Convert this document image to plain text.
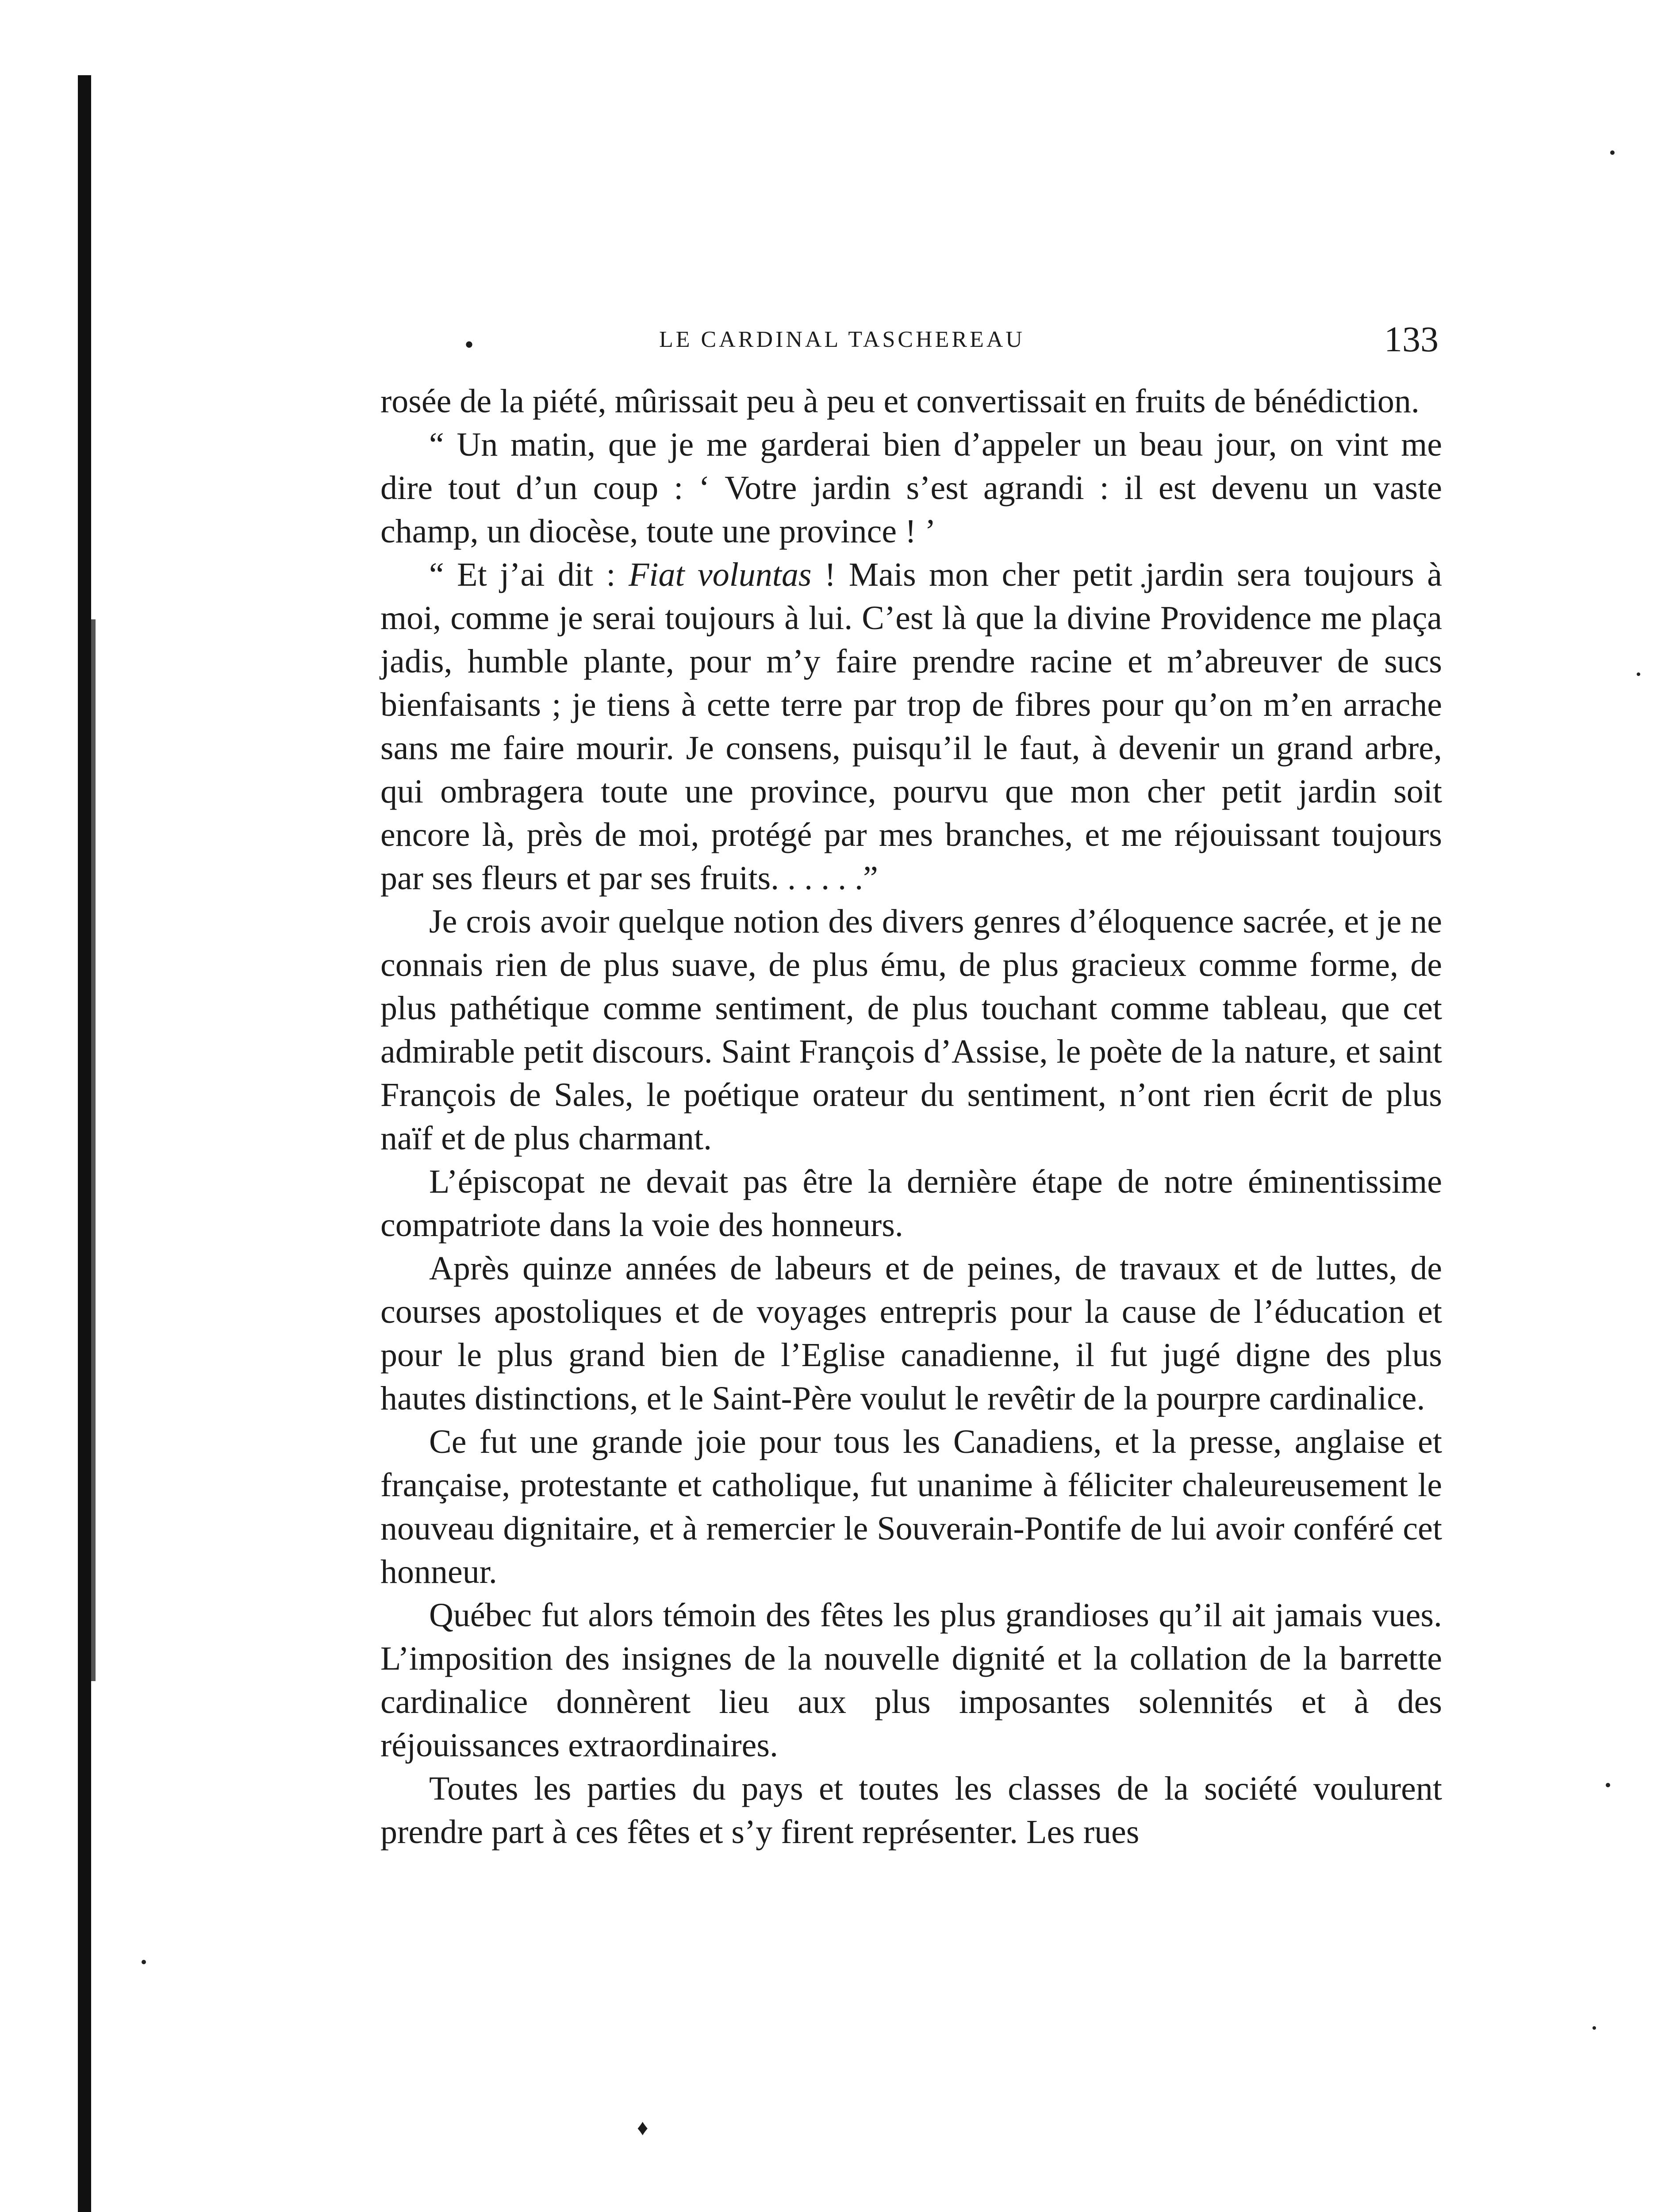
•	LE CARDINAL TASCHEREAU	133

rosée de la piété, mûrissait peu à peu et convertissait en fruits de bénédiction.

“ Un matin, que je me garderai bien d’appeler un beau jour, on vint me dire tout d’un coup : ‘ Votre jardin s’est agrandi : il est devenu un vaste champ, un diocèse, toute une province ! ’

“ Et j’ai dit : Fiat voluntas ! Mais mon cher petit jardin sera toujours à moi, comme je serai toujours à lui. C’est là que la divine Providence me plaça jadis, humble plante, pour m’y faire prendre racine et m’abreuver de sucs bienfaisants ; je tiens à cette terre par trop de fibres pour qu’on m’en arrache sans me faire mourir. Je consens, puisqu’il le faut, à devenir un grand arbre, qui ombragera toute une province, pourvu que mon cher petit jardin soit encore là, près de moi, protégé par mes branches, et me réjouissant toujours par ses fleurs et par ses fruits. . . . . .”

Je crois avoir quelque notion des divers genres d’éloquence sacrée, et je ne connais rien de plus suave, de plus ému, de plus gracieux comme forme, de plus pathétique comme sentiment, de plus touchant comme tableau, que cet admirable petit discours. Saint François d’Assise, le poète de la nature, et saint François de Sales, le poétique orateur du sentiment, n’ont rien écrit de plus naïf et de plus charmant.

L’épiscopat ne devait pas être la dernière étape de notre éminentissime compatriote dans la voie des honneurs.

Après quinze années de labeurs et de peines, de travaux et de luttes, de courses apostoliques et de voyages entrepris pour la cause de l’éducation et pour le plus grand bien de l’Eglise canadienne, il fut jugé digne des plus hautes distinctions, et le Saint-Père voulut le revêtir de la pourpre cardinalice.

Ce fut une grande joie pour tous les Canadiens, et la presse, anglaise et française, protestante et catholique, fut unanime à féliciter chaleureusement le nouveau dignitaire, et à remercier le Souverain-Pontife de lui avoir conféré cet honneur.

Québec fut alors témoin des fêtes les plus grandioses qu’il ait jamais vues. L’imposition des insignes de la nouvelle dignité et la collation de la barrette cardinalice donnèrent lieu aux plus imposantes solennités et à des réjouissances extraordinaires.

Toutes les parties du pays et toutes les classes de la société voulurent prendre part à ces fêtes et s’y firent représenter. Les rues

♦
